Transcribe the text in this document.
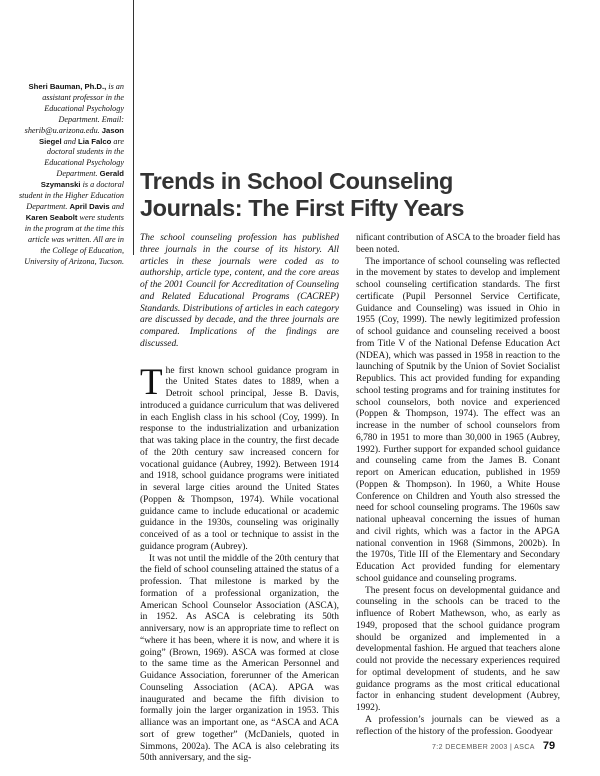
Sheri Bauman, Ph.D., is an assistant professor in the Educational Psychology Department. Email: sherib@u.arizona.edu. Jason Siegel and Lia Falco are doctoral students in the Educational Psychology Department. Gerald Szymanski is a doctoral student in the Higher Education Department. April Davis and Karen Seabolt were students in the program at the time this article was written. All are in the College of Education, University of Arizona, Tucson.
Trends in School Counseling Journals: The First Fifty Years

The school counseling profession has published three journals in the course of its history. All articles in these journals were coded as to authorship, article type, content, and the core areas of the 2001 Council for Accreditation of Counseling and Related Educational Programs (CACREP) Standards. Distributions of articles in each category are discussed by decade, and the three journals are compared. Implications of the findings are discussed.

The first known school guidance program in the United States dates to 1889, when a Detroit school principal, Jesse B. Davis, introduced a guidance curriculum that was delivered in each English class in his school (Coy, 1999). In response to the industrialization and urbanization that was taking place in the country, the first decade of the 20th century saw increased concern for vocational guidance (Aubrey, 1992). Between 1914 and 1918, school guidance programs were initiated in several large cities around the United States (Poppen & Thompson, 1974). While vocational guidance came to include educational or academic guidance in the 1930s, counseling was originally conceived of as a tool or technique to assist in the guidance program (Aubrey).

It was not until the middle of the 20th century that the field of school counseling attained the status of a profession. That milestone is marked by the formation of a professional organization, the American School Counselor Association (ASCA), in 1952. As ASCA is celebrating its 50th anniversary, now is an appropriate time to reflect on “where it has been, where it is now, and where it is going” (Brown, 1969). ASCA was formed at close to the same time as the American Personnel and Guidance Association, forerunner of the American Counseling Association (ACA). APGA was inaugurated and became the fifth division to formally join the larger organization in 1953. This alliance was an important one, as “ASCA and ACA sort of grew together” (McDaniels, quoted in Simmons, 2002a). The ACA is also celebrating its 50th anniversary, and the sig-

nificant contribution of ASCA to the broader field has been noted.

The importance of school counseling was reflected in the movement by states to develop and implement school counseling certification standards. The first certificate (Pupil Personnel Service Certificate, Guidance and Counseling) was issued in Ohio in 1955 (Coy, 1999). The newly legitimized profession of school guidance and counseling received a boost from Title V of the National Defense Education Act (NDEA), which was passed in 1958 in reaction to the launching of Sputnik by the Union of Soviet Socialist Republics. This act provided funding for expanding school testing programs and for training institutes for school counselors, both novice and experienced (Poppen & Thompson, 1974). The effect was an increase in the number of school counselors from 6,780 in 1951 to more than 30,000 in 1965 (Aubrey, 1992). Further support for expanded school guidance and counseling came from the James B. Conant report on American education, published in 1959 (Poppen & Thompson). In 1960, a White House Conference on Children and Youth also stressed the need for school counseling programs. The 1960s saw national upheaval concerning the issues of human and civil rights, which was a factor in the APGA national convention in 1968 (Simmons, 2002b). In the 1970s, Title III of the Elementary and Secondary Education Act provided funding for elementary school guidance and counseling programs.

The present focus on developmental guidance and counseling in the schools can be traced to the influence of Robert Mathewson, who, as early as 1949, proposed that the school guidance program should be organized and implemented in a developmental fashion. He argued that teachers alone could not provide the necessary experiences required for optimal development of students, and he saw guidance programs as the most critical educational factor in enhancing student development (Aubrey, 1992).

A profession’s journals can be viewed as a reflection of the history of the profession. Goodyear

7:2 DECEMBER 2003 | ASCA 79
